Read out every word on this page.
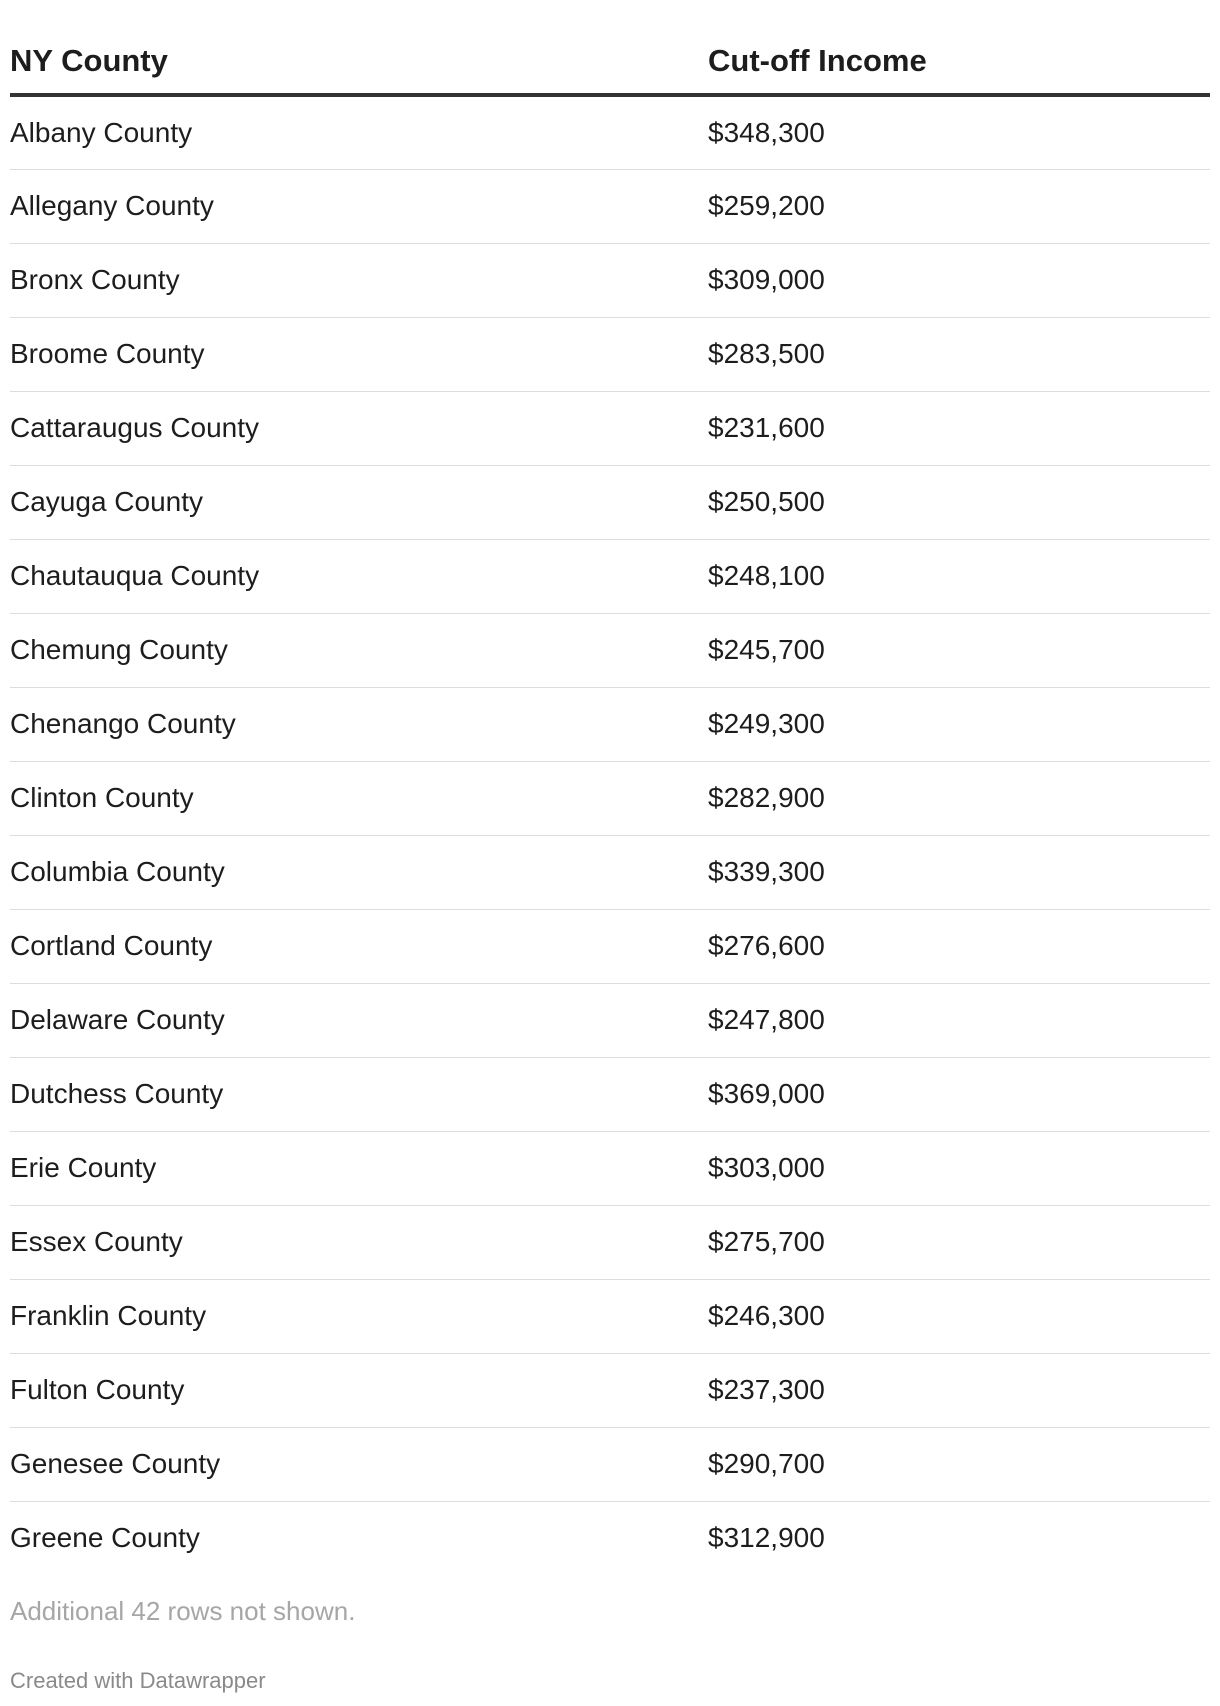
NY County	Cut-off Income
Albany County	$348,300
Allegany County	$259,200
Bronx County	$309,000
Broome County	$283,500
Cattaraugus County	$231,600
Cayuga County	$250,500
Chautauqua County	$248,100
Chemung County	$245,700
Chenango County	$249,300
Clinton County	$282,900
Columbia County	$339,300
Cortland County	$276,600
Delaware County	$247,800
Dutchess County	$369,000
Erie County	$303,000
Essex County	$275,700
Franklin County	$246,300
Fulton County	$237,300
Genesee County	$290,700
Greene County	$312,900
Additional 42 rows not shown.
Created with Datawrapper
